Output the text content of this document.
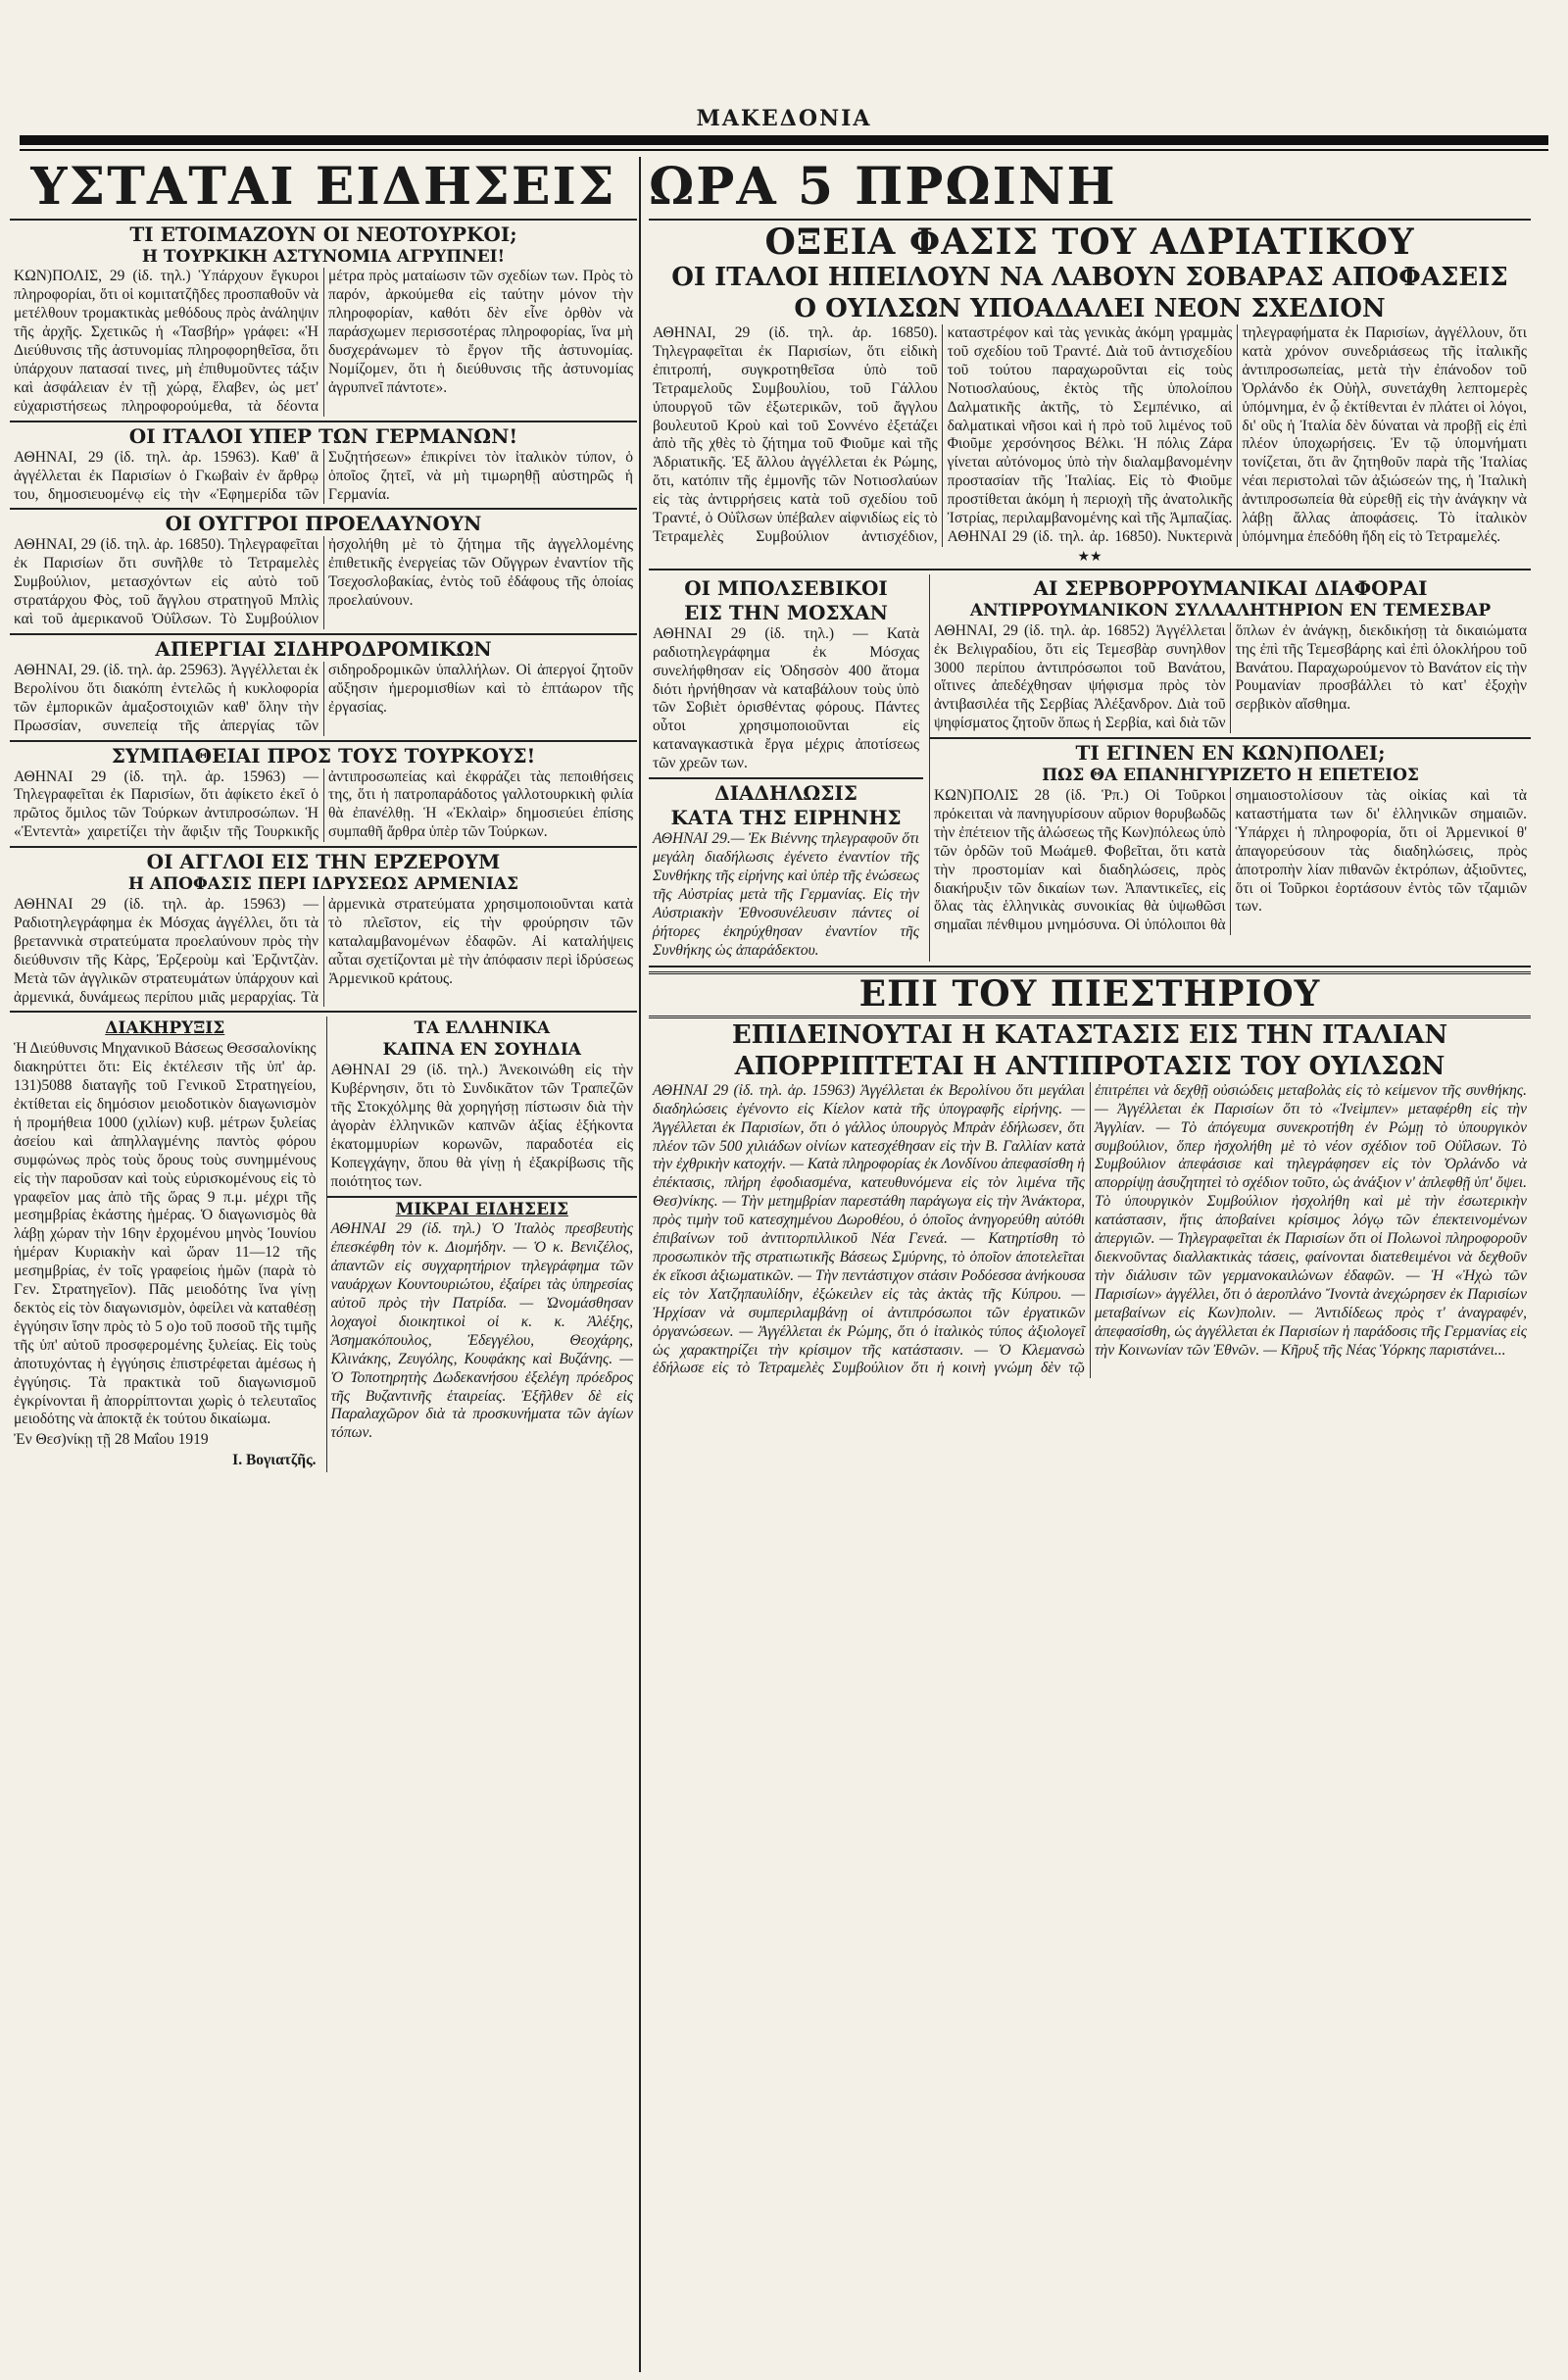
ΜΑΚΕΔΟΝΙΑ
ΥΣΤΑΤΑΙ ΕΙΔΗΣΕΙΣ
ΤΙ ΕΤΟΙΜΑΖΟΥΝ ΟΙ ΝΕΟΤΟΥΡΚΟΙ;
Η ΤΟΥΡΚΙΚΗ ΑΣΤΥΝΟΜΙΑ ΑΓΡΥΠΝΕΙ!
ΚΩΝ)ΠΟΛΙΣ, 29 (ἰδ. τηλ.) Ὑπάρχουν ἔγκυροι πληροφορίαι, ὅτι οἱ κομιτατζῆδες προσπαθοῦν νὰ μετέλθουν τρομακτικὰς μεθόδους πρὸς ἀνάληψιν τῆς ἀρχῆς. Σχετικῶς ἡ «Τασβήρ» γράφει: «Ἡ Διεύθυνσις τῆς ἀστυνομίας πληροφορηθεῖσα, ὅτι ὑπάρχουν πατασαί τινες, μὴ ἐπιθυμοῦντες τάξιν καὶ ἀσφάλειαν ἐν τῇ χώρᾳ, ἔλαβεν, ὡς μετ' εὐχαριστήσεως πληροφορούμεθα, τὰ δέοντα μέτρα πρὸς ματαίωσιν τῶν σχεδίων των. Πρὸς τὸ παρόν, ἀρκούμεθα εἰς ταύτην μόνον τὴν πληροφορίαν, καθότι δὲν εἶνε ὀρθὸν νὰ παράσχωμεν περισσοτέρας πληροφορίας, ἵνα μὴ δυσχεράνωμεν τὸ ἔργον τῆς ἀστυνομίας. Νομίζομεν, ὅτι ἡ διεύθυνσις τῆς ἀστυνομίας ἀγρυπνεῖ πάντοτε».
ΟΙ ΙΤΑΛΟΙ ΥΠΕΡ ΤΩΝ ΓΕΡΜΑΝΩΝ!
ΑΘΗΝΑΙ, 29 (ἰδ. τηλ. ἀρ. 15963). Καθ' ἃ ἀγγέλλεται ἐκ Παρισίων ὁ Γκωβαὶν ἐν ἄρθρῳ του, δημοσιευομένῳ εἰς τὴν «Ἐφημερίδα τῶν Συζητήσεων» ἐπικρίνει τὸν ἰταλικὸν τύπον, ὁ ὁποῖος ζητεῖ, νὰ μὴ τιμωρηθῇ αὐστηρῶς ἡ Γερμανία.
ΟΙ ΟΥΓΓΡΟΙ ΠΡΟΕΛΑΥΝΟΥΝ
ΑΘΗΝΑΙ, 29 (ἰδ. τηλ. ἀρ. 16850). Τηλεγραφεῖται ἐκ Παρισίων ὅτι συνῆλθε τὸ Τετραμελὲς Συμβούλιον, μετασχόντων εἰς αὐτὸ τοῦ στρατάρχου Φὸς, τοῦ ἄγγλου στρατηγοῦ Μπλὶς καὶ τοῦ ἀμερικανοῦ Ὀὐΐλσων. Τὸ Συμβούλιον ἠσχολήθη μὲ τὸ ζήτημα τῆς ἀγγελλομένης ἐπιθετικῆς ἐνεργείας τῶν Οὔγγρων ἐναντίον τῆς Τσεχοσλοβακίας, ἐντὸς τοῦ ἐδάφους τῆς ὁποίας προελαύνουν.
ΑΠΕΡΓΙΑΙ ΣΙΔΗΡΟΔΡΟΜΙΚΩΝ
ΑΘΗΝΑΙ, 29. (ἰδ. τηλ. ἀρ. 25963). Ἀγγέλλεται ἐκ Βερολίνου ὅτι διακόπη ἐντελῶς ἡ κυκλοφορία τῶν ἐμπορικῶν ἁμαξοστοιχιῶν καθ' ὅλην τὴν Πρωσσίαν, συνεπείᾳ τῆς ἀπεργίας τῶν σιδηροδρομικῶν ὑπαλλήλων. Οἱ ἀπεργοί ζητοῦν αὔξησιν ἡμερομισθίων καὶ τὸ ἑπτάωρον τῆς ἐργασίας.
ΣΥΜΠΑΘΕΙΑΙ ΠΡΟΣ ΤΟΥΣ ΤΟΥΡΚΟΥΣ!
ΑΘΗΝΑΙ 29 (ἰδ. τηλ. ἀρ. 15963) — Τηλεγραφεῖται ἐκ Παρισίων, ὅτι ἀφίκετο ἐκεῖ ὁ πρῶτος ὅμιλος τῶν Τούρκων ἀντιπροσώπων. Ἡ «Ἐντεντὰ» χαιρετίζει τὴν ἄφιξιν τῆς Τουρκικῆς ἀντιπροσωπείας καὶ ἐκφράζει τὰς πεποιθήσεις της, ὅτι ἡ πατροπαράδοτος γαλλοτουρκικὴ φιλία θὰ ἐπανέλθῃ. Ἡ «Ἐκλαὶρ» δημοσιεύει ἐπίσης συμπαθῆ ἄρθρα ὑπὲρ τῶν Τούρκων.
ΟΙ ΑΓΓΛΟΙ ΕΙΣ ΤΗΝ ΕΡΖΕΡΟΥΜ
Η ΑΠΟΦΑΣΙΣ ΠΕΡΙ ΙΔΡΥΣΕΩΣ ΑΡΜΕΝΙΑΣ
ΑΘΗΝΑΙ 29 (ἰδ. τηλ. ἀρ. 15963) — Ραδιοτηλεγράφημα ἐκ Μόσχας ἀγγέλλει, ὅτι τὰ βρεταννικὰ στρατεύματα προελαύνουν πρὸς τὴν διεύθυνσιν τῆς Κὰρς, Ἐρζεροὺμ καὶ Ἐρζιντζὰν. Μετὰ τῶν ἀγγλικῶν στρατευμάτων ὑπάρχουν καὶ ἀρμενικά, δυνάμεως περίπου μιᾶς μεραρχίας. Τὰ ἀρμενικὰ στρατεύματα χρησιμοποιοῦνται κατὰ τὸ πλεῖστον, εἰς τὴν φρούρησιν τῶν καταλαμβανομένων ἐδαφῶν. Αἱ καταλήψεις αὗται σχετίζονται μὲ τὴν ἀπόφασιν περὶ ἱδρύσεως Ἀρμενικοῦ κράτους.
ΔΙΑΚΗΡΥΞΙΣ
Ἡ Διεύθυνσις Μηχανικοῦ Βάσεως Θεσσαλονίκης διακηρύττει ὅτι: Εἰς ἐκτέλεσιν τῆς ὑπ' ἀρ. 131)5088 διαταγῆς τοῦ Γενικοῦ Στρατηγείου, ἐκτίθεται εἰς δημόσιον μειοδοτικὸν διαγωνισμὸν ἡ προμήθεια 1000 (χιλίων) κυβ. μέτρων ξυλείας ἀσείου καὶ ἀπηλλαγμένης παντὸς φόρου συμφώνως πρὸς τοὺς ὅρους τοὺς συνημμένους εἰς τὴν παροῦσαν καὶ τοὺς εὑρισκομένους εἰς τὸ γραφεῖον μας ἀπὸ τῆς ὥρας 9 π.μ. μέχρι τῆς μεσημβρίας ἑκάστης ἡμέρας. Ὁ διαγωνισμὸς θὰ λάβῃ χώραν τὴν 16ην ἐρχομένου μηνὸς Ἰουνίου ἡμέραν Κυριακὴν καὶ ὥραν 11—12 τῆς μεσημβρίας, ἐν τοῖς γραφείοις ἡμῶν (παρὰ τὸ Γεν. Στρατηγεῖον). Πᾶς μειοδότης ἵνα γίνῃ δεκτὸς εἰς τὸν διαγωνισμὸν, ὀφείλει νὰ καταθέσῃ ἐγγύησιν ἴσην πρὸς τὸ 5 ο)ο τοῦ ποσοῦ τῆς τιμῆς τῆς ὑπ' αὐτοῦ προσφερομένης ξυλείας. Εἰς τοὺς ἀποτυχόντας ἡ ἐγγύησις ἐπιστρέφεται ἀμέσως ἡ ἐγγύησις. Τὰ πρακτικὰ τοῦ διαγωνισμοῦ ἐγκρίνονται ἢ ἀπορρίπτονται χωρὶς ὁ τελευταῖος μειοδότης νὰ ἀποκτᾷ ἐκ τούτου δικαίωμα.
Ἐν Θεσ)νίκῃ τῇ 28 Μαΐου 1919
Ι. Βογιατζῆς.
ΤΑ ΕΛΛΗΝΙΚΑ
ΚΑΠΝΑ ΕΝ ΣΟΥΗΔΙΑ
ΑΘΗΝΑΙ 29 (ἰδ. τηλ.) Ἀνεκοινώθη εἰς τὴν Κυβέρνησιν, ὅτι τὸ Συνδικᾶτον τῶν Τραπεζῶν τῆς Στοκχόλμης θὰ χορηγήσῃ πίστωσιν διὰ τὴν ἀγορὰν ἑλληνικῶν καπνῶν ἀξίας ἑξήκοντα ἑκατομμυρίων κορωνῶν, παραδοτέα εἰς Κοπεγχάγην, ὅπου θὰ γίνῃ ἡ ἐξακρίβωσις τῆς ποιότητος των.
ΜΙΚΡΑΙ ΕΙΔΗΣΕΙΣ
ΑΘΗΝΑΙ 29 (ἰδ. τηλ.) Ὁ Ἰταλὸς πρεσβευτὴς ἐπεσκέφθη τὸν κ. Διομήδην. — Ὁ κ. Βενιζέλος, ἀπαντῶν εἰς συγχαρητήριον τηλεγράφημα τῶν ναυάρχων Κουντουριώτου, ἐξαίρει τὰς ὑπηρεσίας αὐτοῦ πρὸς τὴν Πατρίδα. — Ὠνομάσθησαν λοχαγοὶ διοικητικοὶ οἱ κ. κ. Ἀλέξης, Ἀσημακόπουλος, Ἐδεγγέλου, Θεοχάρης, Κλινάκης, Ζευγόλης, Κουφάκης καὶ Βυζάνης. — Ὁ Τοποτηρητὴς Δωδεκανήσου ἐξελέγη πρόεδρος τῆς Βυζαντινῆς ἑταιρείας. Ἐξῆλθεν δὲ εἰς Παραλαχῶρον διὰ τὰ προσκυνήματα τῶν ἁγίων τόπων.
ΩΡΑ 5 ΠΡΩΙΝΗ
ΟΞΕΙΑ ΦΑΣΙΣ ΤΟΥ ΑΔΡΙΑΤΙΚΟΥ
ΟΙ ΙΤΑΛΟΙ ΗΠΕΙΛΟΥΝ ΝΑ ΛΑΒΟΥΝ ΣΟΒΑΡΑΣ ΑΠΟΦΑΣΕΙΣ
Ο ΟΥΙΛΣΩΝ ΥΠΟΑΔΑΛΕΙ ΝΕΟΝ ΣΧΕΔΙΟΝ
ΑΘΗΝΑΙ, 29 (ἰδ. τηλ. ἀρ. 16850). Τηλεγραφεῖται ἐκ Παρισίων, ὅτι εἰδικὴ ἐπιτροπή, συγκροτηθεῖσα ὑπὸ τοῦ Τετραμελοῦς Συμβουλίου, τοῦ Γάλλου ὑπουργοῦ τῶν ἐξωτερικῶν, τοῦ ἄγγλου βουλευτοῦ Κροὺ καὶ τοῦ Σοννένο ἐξετάζει ἀπὸ τῆς χθὲς τὸ ζήτημα τοῦ Φιοῦμε καὶ τῆς Ἀδριατικῆς. Ἐξ ἄλλου ἀγγέλλεται ἐκ Ρώμης, ὅτι, κατόπιν τῆς ἐμμονῆς τῶν Νοτιοσλαύων εἰς τὰς ἀντιρρήσεις κατὰ τοῦ σχεδίου τοῦ Τραντέ, ὁ Οὐΐλσων ὑπέβαλεν αἰφνιδίως εἰς τὸ Τετραμελὲς Συμβούλιον ἀντισχέδιον, καταστρέφον καὶ τὰς γενικὰς ἀκόμη γραμμὰς τοῦ σχεδίου τοῦ Τραντέ. Διὰ τοῦ ἀντισχεδίου τοῦ τούτου παραχωροῦνται εἰς τοὺς Νοτιοσλαύους, ἐκτὸς τῆς ὑπολοίπου Δαλματικῆς ἀκτῆς, τὸ Σεμπένικο, αἱ δαλματικαὶ νῆσοι καὶ ἡ πρὸ τοῦ λιμένος τοῦ Φιοῦμε χερσόνησος Βέλκι. Ἡ πόλις Ζάρα γίνεται αὐτόνομος ὑπὸ τὴν διαλαμβανομένην προστασίαν τῆς Ἰταλίας. Εἰς τὸ Φιοῦμε προστίθεται ἀκόμη ἡ περιοχὴ τῆς ἀνατολικῆς Ἰστρίας, περιλαμβανομένης καὶ τῆς Ἀμπαζίας. ΑΘΗΝΑΙ 29 (ἰδ. τηλ. ἀρ. 16850). Νυκτερινὰ τηλεγραφήματα ἐκ Παρισίων, ἀγγέλλουν, ὅτι κατὰ χρόνον συνεδριάσεως τῆς ἰταλικῆς ἀντιπροσωπείας, μετὰ τὴν ἐπάνοδον τοῦ Ὀρλάνδο ἐκ Οὐὴλ, συνετάχθη λεπτομερὲς ὑπόμνημα, ἐν ᾧ ἐκτίθενται ἐν πλάτει οἱ λόγοι, δι' οὓς ἡ Ἰταλία δὲν δύναται νὰ προβῇ εἰς ἐπὶ πλέον ὑποχωρήσεις. Ἐν τῷ ὑπομνήματι τονίζεται, ὅτι ἂν ζητηθοῦν παρὰ τῆς Ἰταλίας νέαι περιστολαὶ τῶν ἀξιώσεών της, ἡ Ἰταλικὴ ἀντιπροσωπεία θὰ εὑρεθῇ εἰς τὴν ἀνάγκην νὰ λάβῃ ἄλλας ἀποφάσεις. Τὸ ἰταλικὸν ὑπόμνημα ἐπεδόθη ἤδη εἰς τὸ Τετραμελές.
★★
ΟΙ ΜΠΟΛΣΕΒΙΚΟΙ
ΕΙΣ ΤΗΝ ΜΟΣΧΑΝ
ΑΘΗΝΑΙ 29 (ἰδ. τηλ.) — Κατὰ ραδιοτηλεγράφημα ἐκ Μόσχας συνελήφθησαν εἰς Ὀδησσὸν 400 ἄτομα διότι ἠρνήθησαν νὰ καταβάλουν τοὺς ὑπὸ τῶν Σοβιὲτ ὁρισθέντας φόρους. Πάντες οὗτοι χρησιμοποιοῦνται εἰς καταναγκαστικὰ ἔργα μέχρις ἀποτίσεως τῶν χρεῶν των.
ΔΙΑΔΗΛΩΣΙΣ
ΚΑΤΑ ΤΗΣ ΕΙΡΗΝΗΣ
ΑΘΗΝΑΙ 29.— Ἐκ Βιέννης τηλεγραφοῦν ὅτι μεγάλη διαδήλωσις ἐγένετο ἐναντίον τῆς Συνθήκης τῆς εἰρήνης καὶ ὑπὲρ τῆς ἑνώσεως τῆς Αὐστρίας μετὰ τῆς Γερμανίας. Εἰς τὴν Αὐστριακὴν Ἐθνοσυνέλευσιν πάντες οἱ ῥήτορες ἐκηρύχθησαν ἐναντίον τῆς Συνθήκης ὡς ἀπαράδεκτου.
ΑΙ ΣΕΡΒΟΡΡΟΥΜΑΝΙΚΑΙ ΔΙΑΦΟΡΑΙ
ΑΝΤΙΡΡΟΥΜΑΝΙΚΟΝ ΣΥΛΛΑΛΗΤΗΡΙΟΝ ΕΝ ΤΕΜΕΣΒΑΡ
ΑΘΗΝΑΙ, 29 (ἰδ. τηλ. ἀρ. 16852) Ἀγγέλλεται ἐκ Βελιγραδίου, ὅτι εἰς Τεμεσβὰρ συνηλθον 3000 περίπου ἀντιπρόσωποι τοῦ Βανάτου, οἵτινες ἀπεδέχθησαν ψήφισμα πρὸς τὸν ἀντιβασιλέα τῆς Σερβίας Ἀλέξανδρον. Διὰ τοῦ ψηφίσματος ζητοῦν ὅπως ἡ Σερβία, καὶ διὰ τῶν ὅπλων ἐν ἀνάγκῃ, διεκδικήσῃ τὰ δικαιώματα της ἐπὶ τῆς Τεμεσβάρης καὶ ἐπὶ ὁλοκλήρου τοῦ Βανάτου. Παραχωρούμενον τὸ Βανάτον εἰς τὴν Ρουμανίαν προσβάλλει τὸ κατ' ἐξοχὴν σερβικὸν αἴσθημα.
ΤΙ ΕΓΙΝΕΝ ΕΝ ΚΩΝ)ΠΟΛΕΙ;
ΠΩΣ ΘΑ ΕΠΑΝΗΓΥΡΙΖΕΤΟ Η ΕΠΕΤΕΙΟΣ
ΚΩΝ)ΠΟΛΙΣ 28 (ἰδ. Ῥπ.) Οἱ Τοῦρκοι πρόκειται νὰ πανηγυρίσουν αὔριον θορυβωδῶς τὴν ἐπέτειον τῆς ἁλώσεως τῆς Κων)πόλεως ὑπὸ τῶν ὀρδῶν τοῦ Μωάμεθ. Φοβεῖται, ὅτι κατὰ τὴν προστομίαν καὶ διαδηλώσεις, πρὸς διακήρυξιν τῶν δικαίων των. Ἀπαντικεῖες, εἰς ὅλας τὰς ἑλληνικὰς συνοικίας θὰ ὑψωθῶσι σημαῖαι πένθιμου μνημόσυνα. Οἱ ὑπόλοιποι θὰ σημαιοστολίσουν τὰς οἰκίας καὶ τὰ καταστήματα των δι' ἑλληνικῶν σημαιῶν. Ὑπάρχει ἡ πληροφορία, ὅτι οἱ Ἀρμενικοί θ' ἀπαγορεύσουν τὰς διαδηλώσεις, πρὸς ἀποτροπὴν λίαν πιθανῶν ἐκτρόπων, ἀξιοῦντες, ὅτι οἱ Τοῦρκοι ἑορτάσουν ἐντὸς τῶν τζαμιῶν των.
ΕΠΙ ΤΟΥ ΠΙΕΣΤΗΡΙΟΥ
ΕΠΙΔΕΙΝΟΥΤΑΙ Η ΚΑΤΑΣΤΑΣΙΣ ΕΙΣ ΤΗΝ ΙΤΑΛΙΑΝ
ΑΠΟΡΡΙΠΤΕΤΑΙ Η ΑΝΤΙΠΡΟΤΑΣΙΣ ΤΟΥ ΟΥΙΛΣΩΝ
ΑΘΗΝΑΙ 29 (ἰδ. τηλ. ἀρ. 15963) Ἀγγέλλεται ἐκ Βερολίνου ὅτι μεγάλαι διαδηλώσεις ἐγένοντο εἰς Κίελον κατὰ τῆς ὑπογραφῆς εἰρήνης. — Ἀγγέλλεται ἐκ Παρισίων, ὅτι ὁ γάλλος ὑπουργὸς Μπρὰν ἐδήλωσεν, ὅτι πλέον τῶν 500 χιλιάδων οἰνίων κατεσχέθησαν εἰς τὴν Β. Γαλλίαν κατὰ τὴν ἐχθρικὴν κατοχήν. — Κατὰ πληροφορίας ἐκ Λονδίνου ἀπεφασίσθη ἡ ἐπέκτασις, πλήρη ἐφοδιασμένα, κατευθυνόμενα εἰς τὸν λιμένα τῆς Θεσ)νίκης. — Τὴν μετημβρίαν παρεστάθη παράγωγα εἰς τὴν Ἀνάκτορα, πρὸς τιμὴν τοῦ κατεσχημένου Δωροθέου, ὁ ὁποῖος ἀνηγορεύθη αὐτόθι ἐπιβαίνων τοῦ ἀντιτορπιλλικοῦ Νέα Γενεά. — Κατηρτίσθη τὸ προσωπικὸν τῆς στρατιωτικῆς Βάσεως Σμύρνης, τὸ ὁποῖον ἀποτελεῖται ἐκ εἴκοσι ἀξιωματικῶν. — Τὴν πεντάστιχον στάσιν Ροδόεσσα ἀνήκουσα εἰς τὸν Χατζηπαυλίδην, ἐξώκειλεν εἰς τὰς ἀκτὰς τῆς Κύπρου. — Ἠρχίσαν νὰ συμπεριλαμβάνῃ οἱ ἀντιπρόσωποι τῶν ἐργατικῶν ὀργανώσεων. — Ἀγγέλλεται ἐκ Ρώμης, ὅτι ὁ ἰταλικὸς τύπος ἀξιολογεῖ ὡς χαρακτηρίζει τὴν κρίσιμον τῆς κατάστασιν. — Ὁ Κλεμανσὼ ἐδήλωσε εἰς τὸ Τετραμελὲς Συμβούλιον ὅτι ἡ κοινὴ γνώμη δὲν τῷ ἐπιτρέπει νὰ δεχθῇ οὐσιώδεις μεταβολὰς εἰς τὸ κείμενον τῆς συνθήκης. — Ἀγγέλλεται ἐκ Παρισίων ὅτι τὸ «Ἰνεὶμπεν» μεταφέρθη εἰς τὴν Ἀγγλίαν. — Τὸ ἀπόγευμα συνεκροτήθη ἐν Ρώμῃ τὸ ὑπουργικὸν συμβούλιον, ὅπερ ἠσχολήθη μὲ τὸ νέον σχέδιον τοῦ Οὐΐλσων. Τὸ Συμβούλιον ἀπεφάσισε καὶ τηλεγράφησεν εἰς τὸν Ὀρλάνδο νὰ απορρίψῃ ἀσυζητητεὶ τὸ σχέδιον τοῦτο, ὡς ἀνάξιον ν' ἀπλεφθῇ ὑπ' ὄψει. Τὸ ὑπουργικὸν Συμβούλιον ἠσχολήθη καὶ μὲ τὴν ἐσωτερικὴν κατάστασιν, ἥτις ἀποβαίνει κρίσιμος λόγῳ τῶν ἐπεκτεινομένων ἀπεργιῶν. — Τηλεγραφεῖται ἐκ Παρισίων ὅτι οἱ Πολωνοὶ πληροφοροῦν διεκνοῦντας διαλλακτικὰς τάσεις, φαίνονται διατεθειμένοι νὰ δεχθοῦν τὴν διάλυσιν τῶν γερμανοκαιλώνων ἐδαφῶν. — Ἡ «Ἠχὼ τῶν Παρισίων» ἀγγέλλει, ὅτι ὁ ἀεροπλάνο Ἴνοντὰ ἀνεχώρησεν ἐκ Παρισίων μεταβαίνων εἰς Κων)πολιν. — Ἀντιδίδεως πρὸς τ' ἀναγραφέν, ἀπεφασίσθη, ὡς ἀγγέλλεται ἐκ Παρισίων ἡ παράδοσις τῆς Γερμανίας εἰς τὴν Κοινωνίαν τῶν Ἐθνῶν. — Κῆρυξ τῆς Νέας Ὑόρκης παριστάνει...
